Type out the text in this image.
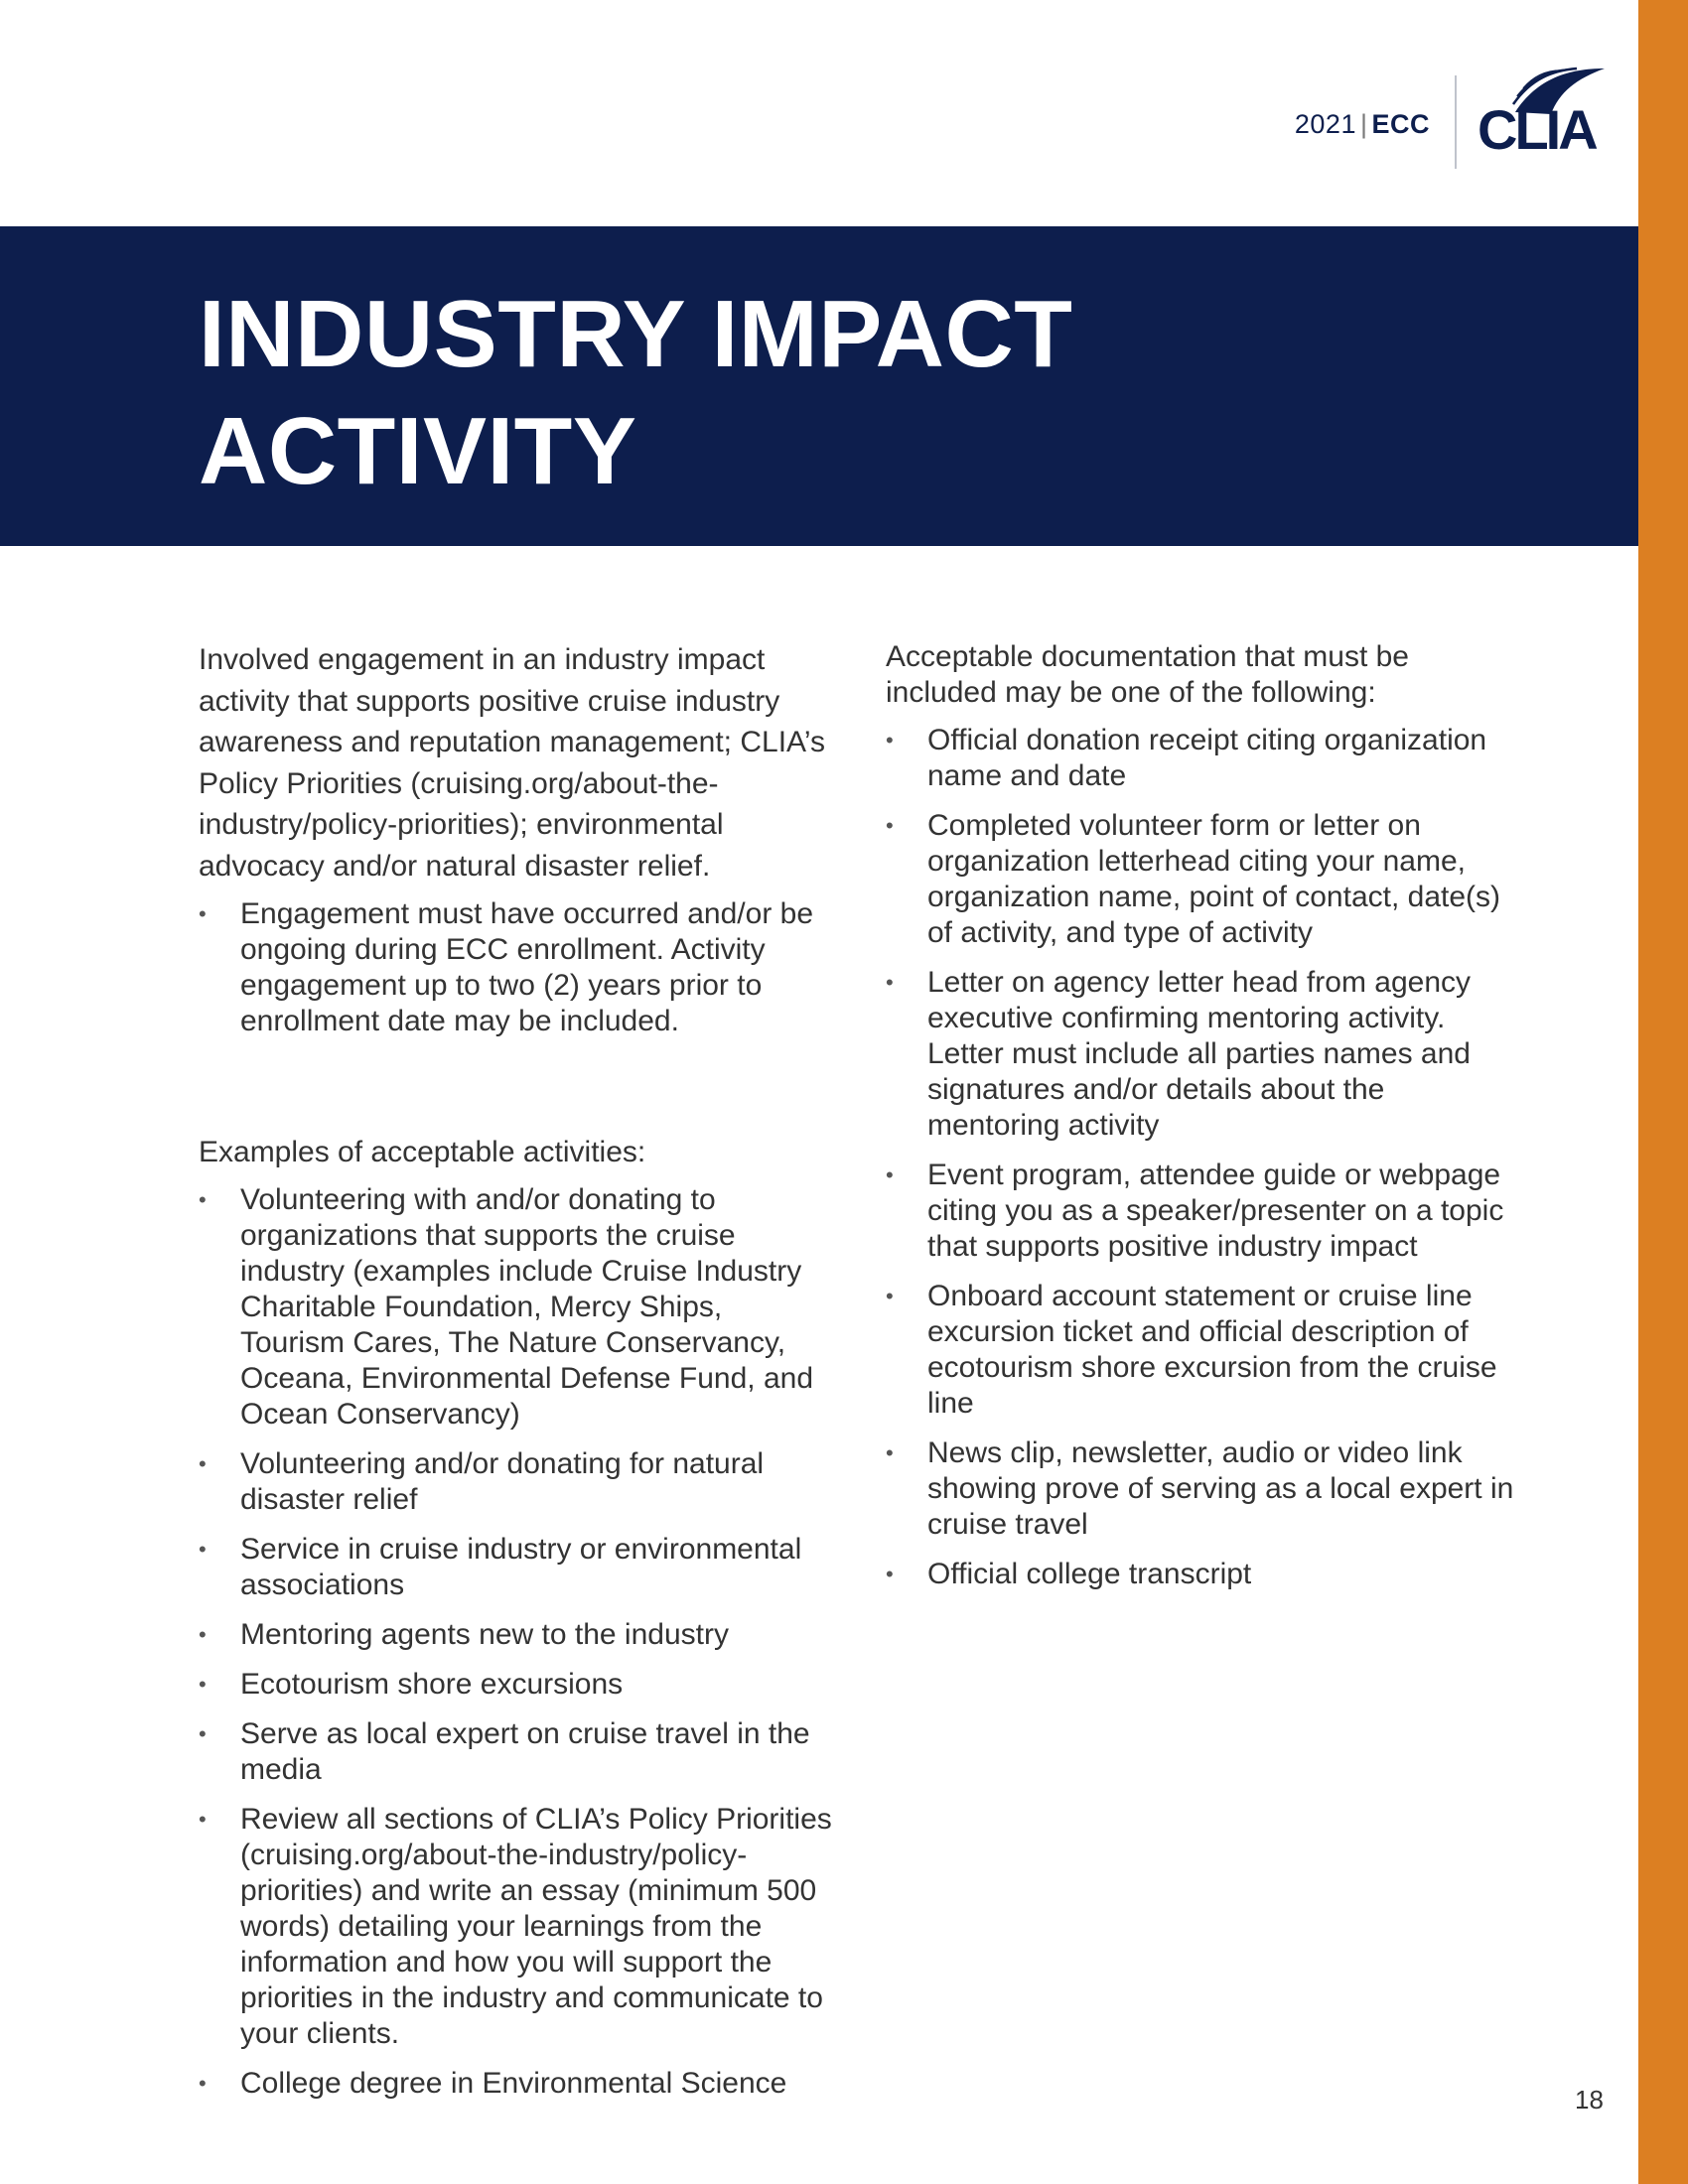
2021 | ECC CLIA
INDUSTRY IMPACT
ACTIVITY

Involved engagement in an industry impact activity that supports positive cruise industry awareness and reputation management; CLIA’s Policy Priorities (cruising.org/about-the-industry/policy-priorities); environmental advocacy and/or natural disaster relief.

• Engagement must have occurred and/or be ongoing during ECC enrollment. Activity engagement up to two (2) years prior to enrollment date may be included.

Examples of acceptable activities:

• Volunteering with and/or donating to organizations that supports the cruise industry (examples include Cruise Industry Charitable Foundation, Mercy Ships, Tourism Cares, The Nature Conservancy, Oceana, Environmental Defense Fund, and Ocean Conservancy)
• Volunteering and/or donating for natural disaster relief
• Service in cruise industry or environmental associations
• Mentoring agents new to the industry
• Ecotourism shore excursions
• Serve as local expert on cruise travel in the media
• Review all sections of CLIA’s Policy Priorities (cruising.org/about-the-industry/policy-priorities) and write an essay (minimum 500 words) detailing your learnings from the information and how you will support the priorities in the industry and communicate to your clients.
• College degree in Environmental Science

Acceptable documentation that must be included may be one of the following:

• Official donation receipt citing organization name and date
• Completed volunteer form or letter on organization letterhead citing your name, organization name, point of contact, date(s) of activity, and type of activity
• Letter on agency letter head from agency executive confirming mentoring activity. Letter must include all parties names and signatures and/or details about the mentoring activity
• Event program, attendee guide or webpage citing you as a speaker/presenter on a topic that supports positive industry impact
• Onboard account statement or cruise line excursion ticket and official description of ecotourism shore excursion from the cruise line
• News clip, newsletter, audio or video link showing prove of serving as a local expert in cruise travel
• Official college transcript
18
